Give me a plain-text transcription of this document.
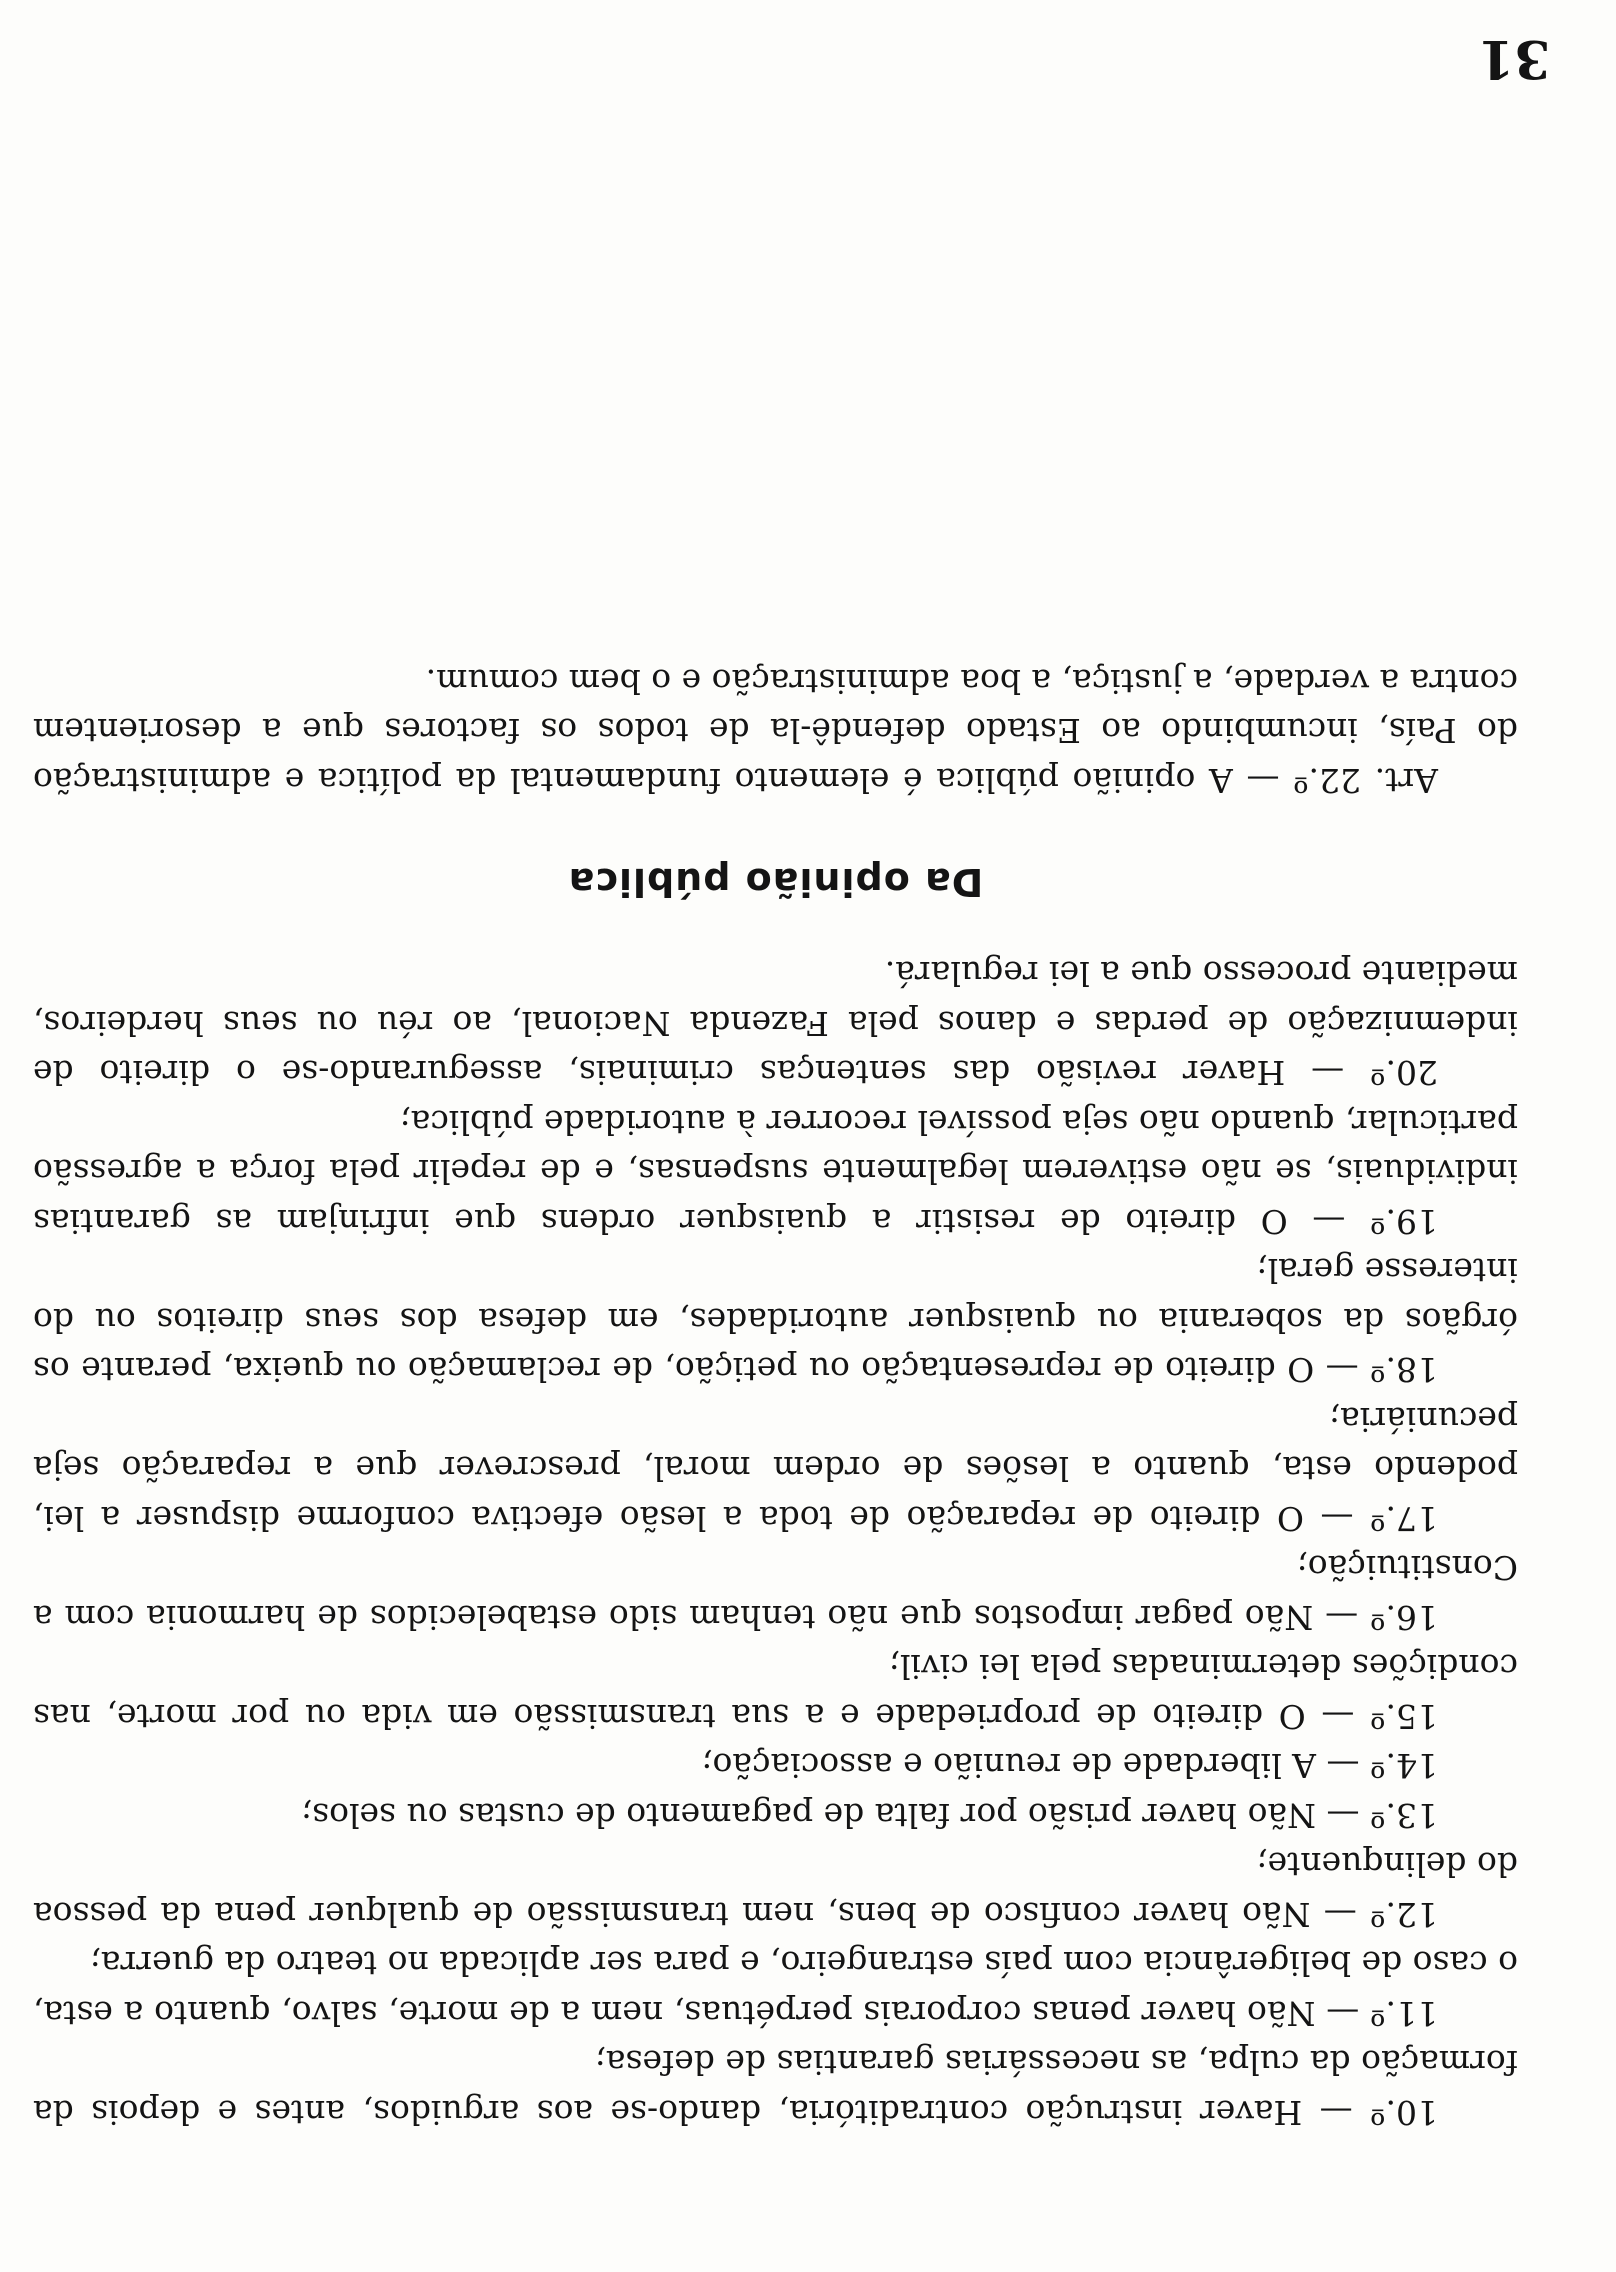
10.º — Haver instrução contraditória, dando-se aos arguidos, antes e depois da formação da culpa, as necessárias garantias de defesa;

11.º — Não haver penas corporais perpétuas, nem a de morte, salvo, quanto a esta, o caso de beligerância com país estrangeiro, e para ser aplicada no teatro da guerra;

12.º — Não haver confisco de bens, nem transmissão de qualquer pena da pessoa do delinquente;

13.º — Não haver prisão por falta de pagamento de custas ou selos;

14.º — A liberdade de reunião e associação;

15.º — O direito de propriedade e a sua transmissão em vida ou por morte, nas condições determinadas pela lei civil;

16.º — Não pagar impostos que não tenham sido estabelecidos de harmonia com a Constituição;

17.º — O direito de reparação de toda a lesão efectiva conforme dispuser a lei, podendo esta, quanto a lesões de ordem moral, prescrever que a reparação seja pecuniária;

18.º — O direito de representação ou petição, de reclamação ou queixa, perante os órgãos da soberania ou quaisquer autoridades, em defesa dos seus direitos ou do interesse geral;

19.º — O direito de resistir a quaisquer ordens que infrinjam as garantias individuais, se não estiverem legalmente suspensas, e de repelir pela força a agressão particular, quando não seja possível recorrer à autoridade pública;

20.º — Haver revisão das sentenças criminais, assegurando-se o direito de indemnização de perdas e danos pela Fazenda Nacional, ao réu ou seus herdeiros, mediante processo que a lei regulará.

Da opinião pública

Art. 22.º — A opinião pública é elemento fundamental da política e administração do País, incumbindo ao Estado defendê-la de todos os factores que a desorientem contra a verdade, a justiça, a boa administração e o bem comum.

31
